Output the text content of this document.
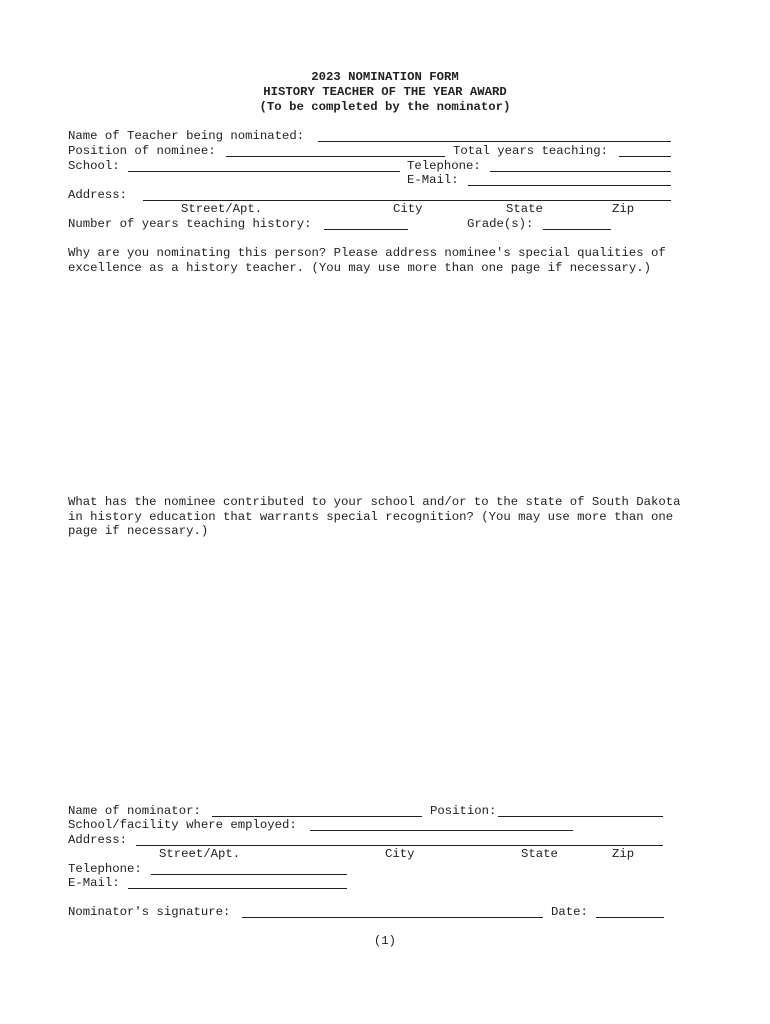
2023 NOMINATION FORM
HISTORY TEACHER OF THE YEAR AWARD
(To be completed by the nominator)
Name of Teacher being nominated:
Position of nominee:	Total years teaching:
School:	Telephone:
E-Mail:
Address:
Street/Apt.	City	State	Zip
Number of years teaching history:	Grade(s):
Why are you nominating this person? Please address nominee's special qualities of
excellence as a history teacher. (You may use more than one page if necessary.)
What has the nominee contributed to your school and/or to the state of South Dakota
in history education that warrants special recognition? (You may use more than one
page if necessary.)
Name of nominator:	Position:
School/facility where employed:
Address:
Street/Apt.	City	State	Zip
Telephone:
E-Mail:
Nominator's signature:	Date:
(1)
